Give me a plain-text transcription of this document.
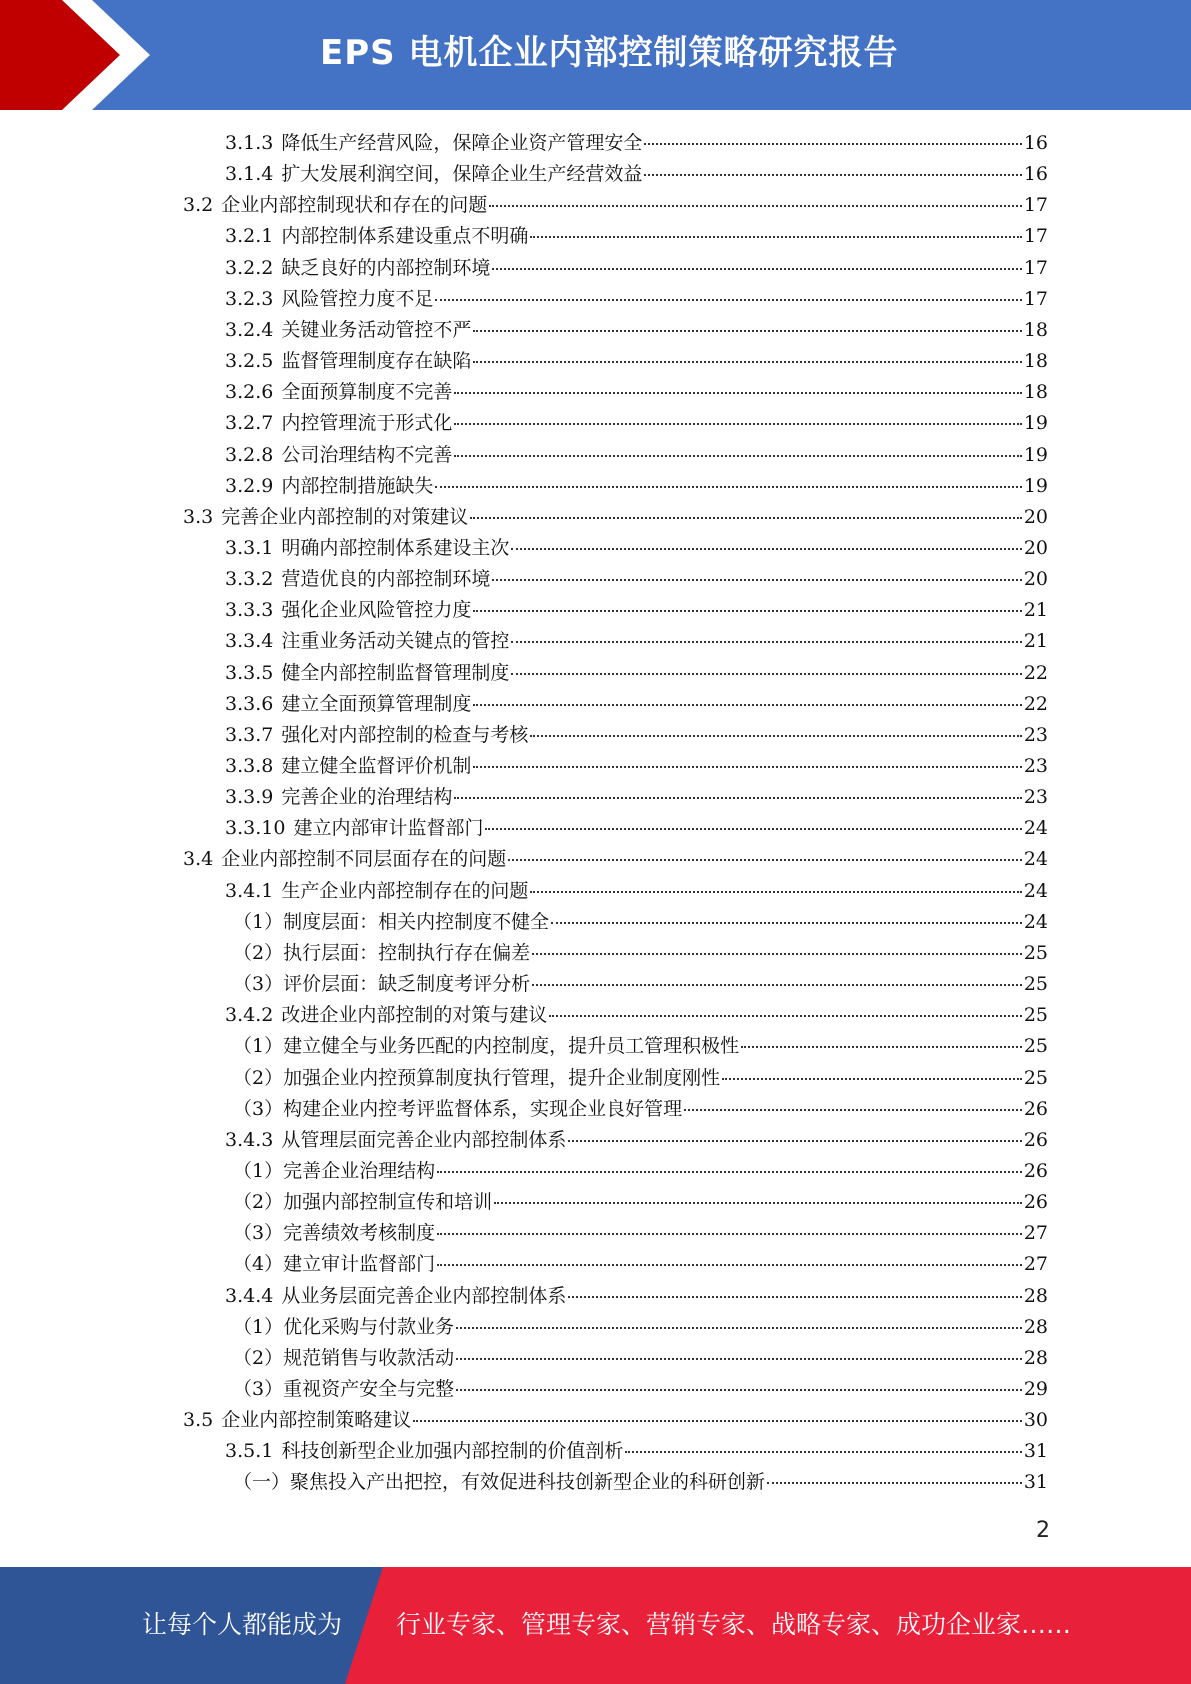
EPS 电机企业内部控制策略研究报告
3.1.3 降低生产经营风险，保障企业资产管理安全	16
3.1.4 扩大发展利润空间，保障企业生产经营效益	16
3.2 企业内部控制现状和存在的问题	17
3.2.1 内部控制体系建设重点不明确	17
3.2.2 缺乏良好的内部控制环境	17
3.2.3 风险管控力度不足	17
3.2.4 关键业务活动管控不严	18
3.2.5 监督管理制度存在缺陷	18
3.2.6 全面预算制度不完善	18
3.2.7 内控管理流于形式化	19
3.2.8 公司治理结构不完善	19
3.2.9 内部控制措施缺失	19
3.3 完善企业内部控制的对策建议	20
3.3.1 明确内部控制体系建设主次	20
3.3.2 营造优良的内部控制环境	20
3.3.3 强化企业风险管控力度	21
3.3.4 注重业务活动关键点的管控	21
3.3.5 健全内部控制监督管理制度	22
3.3.6 建立全面预算管理制度	22
3.3.7 强化对内部控制的检查与考核	23
3.3.8 建立健全监督评价机制	23
3.3.9 完善企业的治理结构	23
3.3.10 建立内部审计监督部门	24
3.4 企业内部控制不同层面存在的问题	24
3.4.1 生产企业内部控制存在的问题	24
（1）制度层面：相关内控制度不健全	24
（2）执行层面：控制执行存在偏差	25
（3）评价层面：缺乏制度考评分析	25
3.4.2 改进企业内部控制的对策与建议	25
（1）建立健全与业务匹配的内控制度，提升员工管理积极性	25
（2）加强企业内控预算制度执行管理，提升企业制度刚性	25
（3）构建企业内控考评监督体系，实现企业良好管理	26
3.4.3 从管理层面完善企业内部控制体系	26
（1）完善企业治理结构	26
（2）加强内部控制宣传和培训	26
（3）完善绩效考核制度	27
（4）建立审计监督部门	27
3.4.4 从业务层面完善企业内部控制体系	28
（1）优化采购与付款业务	28
（2）规范销售与收款活动	28
（3）重视资产安全与完整	29
3.5 企业内部控制策略建议	30
3.5.1 科技创新型企业加强内部控制的价值剖析	31
（一）聚焦投入产出把控，有效促进科技创新型企业的科研创新	31
2
让每个人都能成为 行业专家、管理专家、营销专家、战略专家、成功企业家……
